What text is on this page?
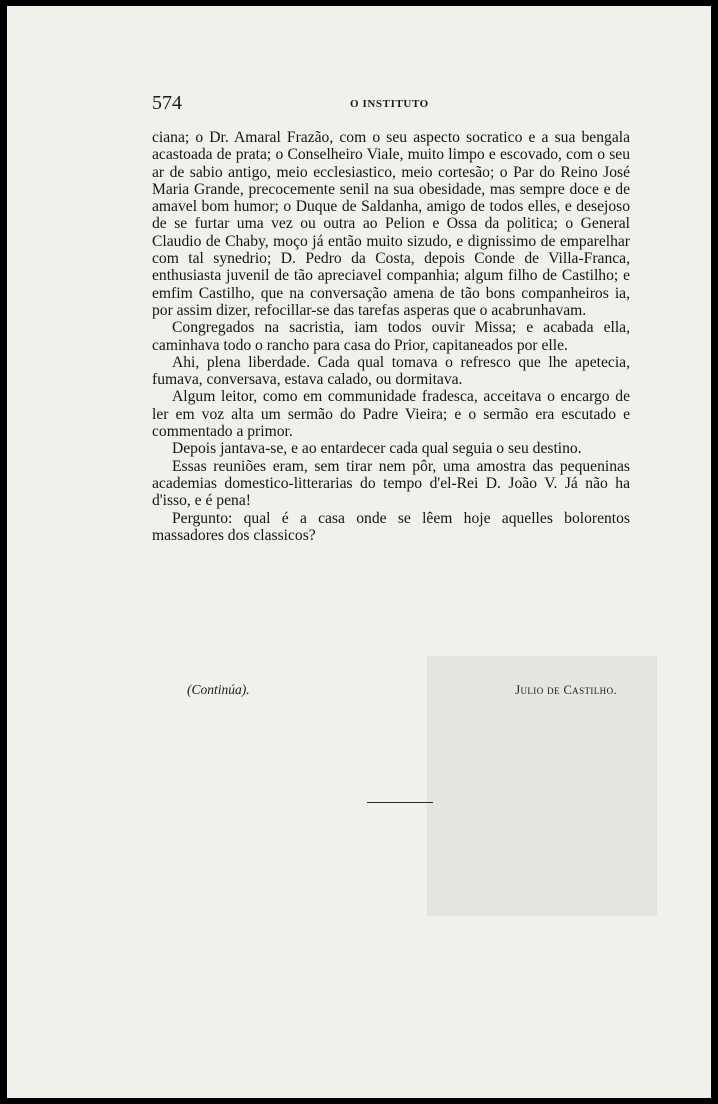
574	O INSTITUTO

ciana; o Dr. Amaral Frazão, com o seu aspecto socratico e a sua bengala acastoada de prata; o Conselheiro Viale, muito limpo e escovado, com o seu ar de sabio antigo, meio ecclesiastico, meio cortesão; o Par do Reino José Maria Grande, precocemente senil na sua obesidade, mas sempre doce e de amavel bom humor; o Duque de Saldanha, amigo de todos elles, e desejoso de se furtar uma vez ou outra ao Pelion e Ossa da politica; o General Claudio de Chaby, moço já então muito sizudo, e dignissimo de emparelhar com tal synedrio; D. Pedro da Costa, depois Conde de Villa-Franca, enthusiasta juvenil de tão apreciavel companhia; algum filho de Castilho; e emfim Castilho, que na conversação amena de tão bons companheiros ia, por assim dizer, refocillar-se das tarefas asperas que o acabrunhavam.

Congregados na sacristia, iam todos ouvir Missa; e acabada ella, caminhava todo o rancho para casa do Prior, capitaneados por elle.

Ahi, plena liberdade. Cada qual tomava o refresco que lhe apetecia, fumava, conversava, estava calado, ou dormitava.

Algum leitor, como em communidade fradesca, acceitava o encargo de ler em voz alta um sermão do Padre Vieira; e o sermão era escutado e commentado a primor.

Depois jantava-se, e ao entardecer cada qual seguia o seu destino.

Essas reuniões eram, sem tirar nem pôr, uma amostra das pequeninas academias domestico-litterarias do tempo d'el-Rei D. João V. Já não ha d'isso, e é pena!

Pergunto: qual é a casa onde se lêem hoje aquelles bolorentos massadores dos classicos?

(Continúa).	Julio de Castilho.
